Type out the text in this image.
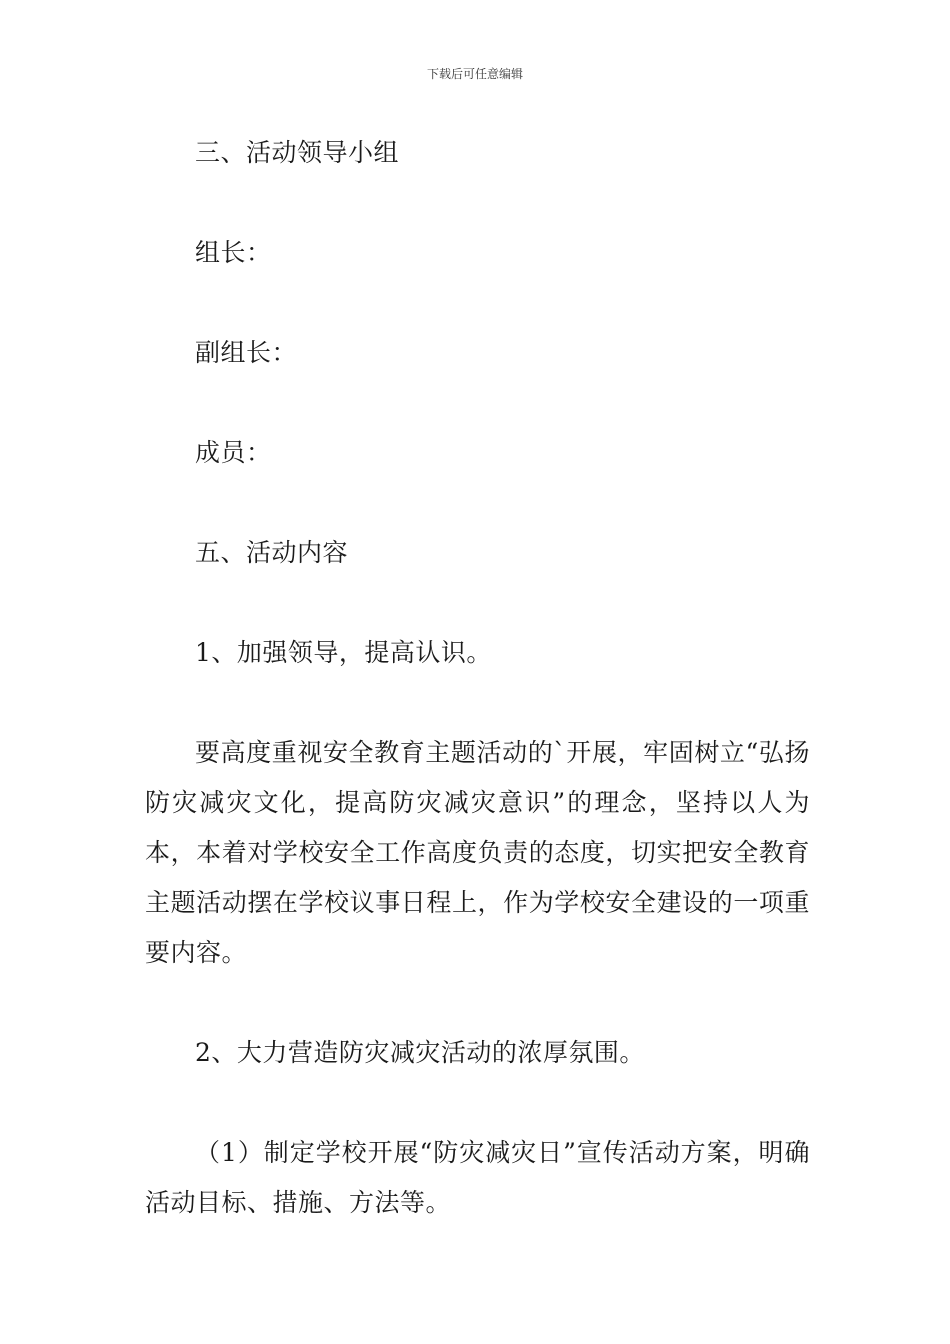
下载后可任意编辑

三、活动领导小组

组长：

副组长：

成员：

五、活动内容

1、加强领导，提高认识。

要高度重视安全教育主题活动的`开展，牢固树立“弘扬防灾减灾文化，提高防灾减灾意识”的理念，坚持以人为本，本着对学校安全工作高度负责的态度，切实把安全教育主题活动摆在学校议事日程上，作为学校安全建设的一项重要内容。

2、大力营造防灾减灾活动的浓厚氛围。

（1）制定学校开展“防灾减灾日”宣传活动方案，明确活动目标、措施、方法等。
